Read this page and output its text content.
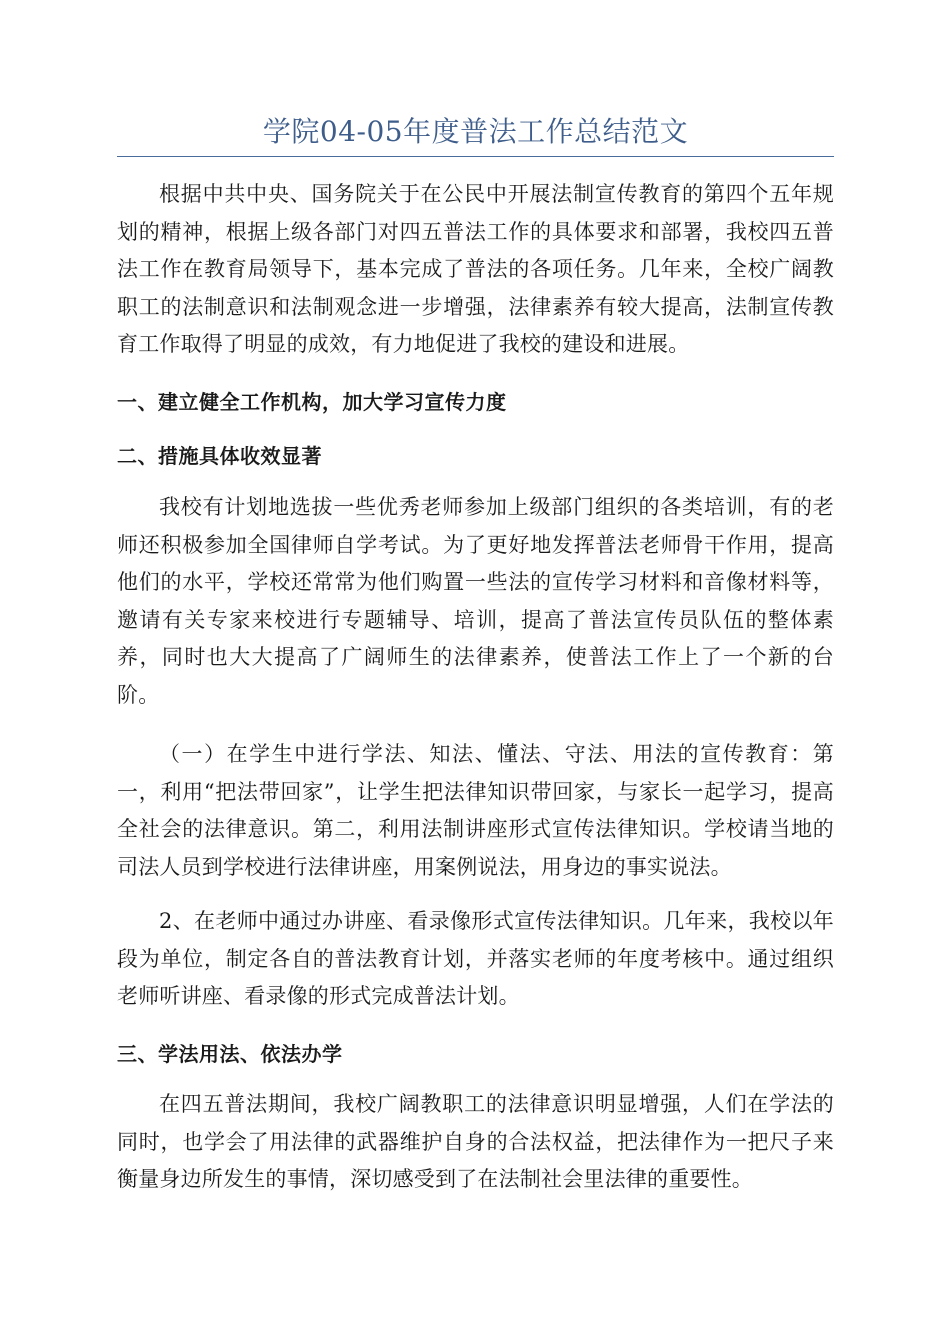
学院04-05年度普法工作总结范文

根据中共中央、国务院关于在公民中开展法制宣传教育的第四个五年规划的精神，根据上级各部门对四五普法工作的具体要求和部署，我校四五普法工作在教育局领导下，基本完成了普法的各项任务。几年来，全校广阔教职工的法制意识和法制观念进一步增强，法律素养有较大提高，法制宣传教育工作取得了明显的成效，有力地促进了我校的建设和进展。

一、建立健全工作机构，加大学习宣传力度
二、措施具体收效显著

我校有计划地选拔一些优秀老师参加上级部门组织的各类培训，有的老师还积极参加全国律师自学考试。为了更好地发挥普法老师骨干作用，提高他们的水平，学校还常常为他们购置一些法的宣传学习材料和音像材料等，邀请有关专家来校进行专题辅导、培训，提高了普法宣传员队伍的整体素养，同时也大大提高了广阔师生的法律素养，使普法工作上了一个新的台阶。

（一）在学生中进行学法、知法、懂法、守法、用法的宣传教育：第一，利用“把法带回家”，让学生把法律知识带回家，与家长一起学习，提高全社会的法律意识。第二，利用法制讲座形式宣传法律知识。学校请当地的司法人员到学校进行法律讲座，用案例说法，用身边的事实说法。

2、在老师中通过办讲座、看录像形式宣传法律知识。几年来，我校以年段为单位，制定各自的普法教育计划，并落实老师的年度考核中。通过组织老师听讲座、看录像的形式完成普法计划。

三、学法用法、依法办学

在四五普法期间，我校广阔教职工的法律意识明显增强，人们在学法的同时，也学会了用法律的武器维护自身的合法权益，把法律作为一把尺子来衡量身边所发生的事情，深切感受到了在法制社会里法律的重要性。
